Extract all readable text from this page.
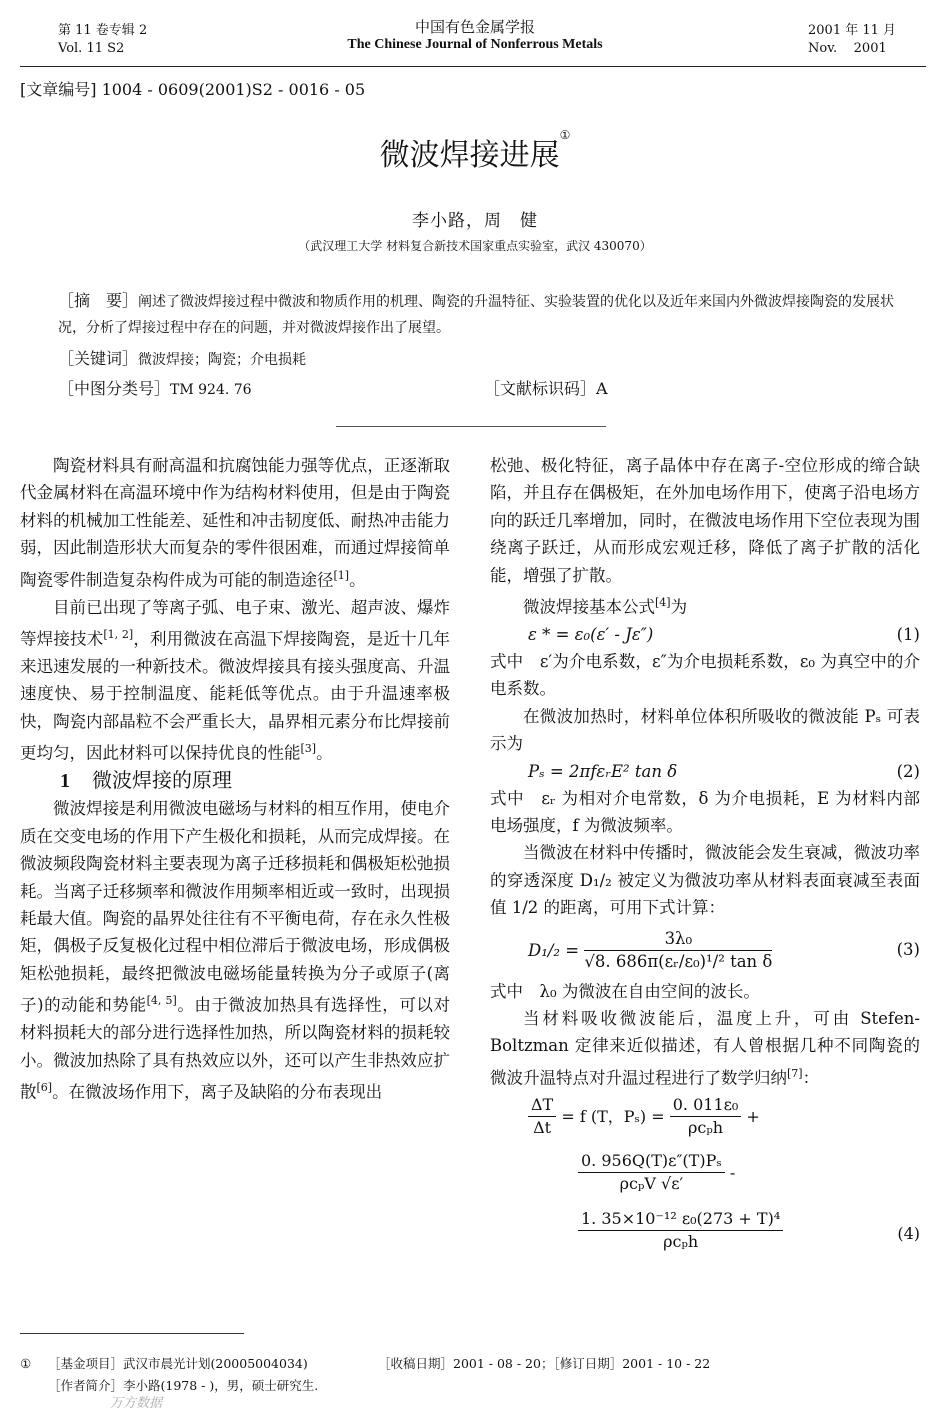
第 11 卷专辑 2
Vol. 11 S2
中国有色金属学报
The Chinese Journal of Nonferrous Metals
2001 年 11 月
Nov.    2001
[文章编号] 1004 - 0609(2001)S2 - 0016 - 05
微波焊接进展①
李小路，周　健
（武汉理工大学 材料复合新技术国家重点实验室，武汉 430070）
［摘　要］阐述了微波焊接过程中微波和物质作用的机理、陶瓷的升温特征、实验装置的优化以及近年来国内外微波焊接陶瓷的发展状况，分析了焊接过程中存在的问题，并对微波焊接作出了展望。
［关键词］微波焊接；陶瓷；介电损耗
［中图分类号］TM 924. 76	［文献标识码］A

陶瓷材料具有耐高温和抗腐蚀能力强等优点，正逐渐取代金属材料在高温环境中作为结构材料使用，但是由于陶瓷材料的机械加工性能差、延性和冲击韧度低、耐热冲击能力弱，因此制造形状大而复杂的零件很困难，而通过焊接简单陶瓷零件制造复杂构件成为可能的制造途径[1]。

目前已出现了等离子弧、电子束、激光、超声波、爆炸等焊接技术[1, 2]，利用微波在高温下焊接陶瓷，是近十几年来迅速发展的一种新技术。微波焊接具有接头强度高、升温速度快、易于控制温度、能耗低等优点。由于升温速率极快，陶瓷内部晶粒不会严重长大，晶界相元素分布比焊接前更均匀，因此材料可以保持优良的性能[3]。

1 微波焊接的原理

微波焊接是利用微波电磁场与材料的相互作用，使电介质在交变电场的作用下产生极化和损耗，从而完成焊接。在微波频段陶瓷材料主要表现为离子迁移损耗和偶极矩松弛损耗。当离子迁移频率和微波作用频率相近或一致时，出现损耗最大值。陶瓷的晶界处往往有不平衡电荷，存在永久性极矩，偶极子反复极化过程中相位滞后于微波电场，形成偶极矩松弛损耗，最终把微波电磁场能量转换为分子或原子(离子)的动能和势能[4, 5]。由于微波加热具有选择性，可以对材料损耗大的部分进行选择性加热，所以陶瓷材料的损耗较小。微波加热除了具有热效应以外，还可以产生非热效应扩散[6]。在微波场作用下，离子及缺陷的分布表现出

松弛、极化特征，离子晶体中存在离子-空位形成的缔合缺陷，并且存在偶极矩，在外加电场作用下，使离子沿电场方向的跃迁几率增加，同时，在微波电场作用下空位表现为围绕离子跃迁，从而形成宏观迁移，降低了离子扩散的活化能，增强了扩散。

微波焊接基本公式[4]为

ε * = ε₀(ε′ - Jε″)	(1)

式中　ε′为介电系数，ε″为介电损耗系数，ε₀ 为真空中的介电系数。

在微波加热时，材料单位体积所吸收的微波能 Pₛ 可表示为

Pₛ = 2πfεᵣE² tan δ	(2)

式中　εᵣ 为相对介电常数，δ 为介电损耗，E 为材料内部电场强度，f 为微波频率。

当微波在材料中传播时，微波能会发生衰减，微波功率的穿透深度 D₁/₂ 被定义为微波功率从材料表面衰减至表面值 1/2 的距离，可用下式计算：

$D_1/_2 = \frac{\text{3λ₀}}{\text{√8. 686π(εᵣ/ε₀)¹/² tan δ}}$	(3)

式中　λ₀ 为微波在自由空间的波长。

当材料吸收微波能后，温度上升，可由 Stefen-Boltzman 定律来近似描述，有人曾根据几种不同陶瓷的微波升温特点对升温过程进行了数学归纳[7]：

$\frac{\Delta T}{\Delta t} = f$ (T，$P_s) = \frac{\text{0. 011ε₀}}{\text{ρcₚh}}$ +
$\frac{\text{0. 956Q(T)ε″(T)Pₛ}}{\text{ρcₚV √ε′}}$ -
$\frac{\text{1. 35×10⁻¹² ε₀(273 + T)⁴}}{\text{ρcₚh}}$	(4)
① ［基金项目］武汉市晨光计划(20005004034)	［收稿日期］2001 - 08 - 20；［修订日期］2001 - 10 - 22
［作者简介］李小路(1978 - )，男，硕士研究生.
万方数据
